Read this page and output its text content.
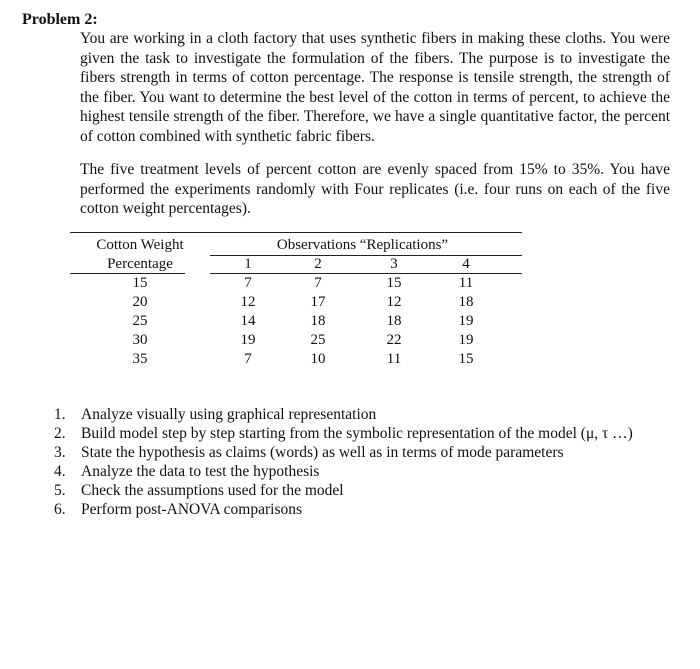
Problem 2:

You are working in a cloth factory that uses synthetic fibers in making these cloths. You were given the task to investigate the formulation of the fibers. The purpose is to investigate the fibers strength in terms of cotton percentage. The response is tensile strength, the strength of the fiber. You want to determine the best level of the cotton in terms of percent, to achieve the highest tensile strength of the fiber. Therefore, we have a single quantitative factor, the percent of cotton combined with synthetic fabric fibers.

The five treatment levels of percent cotton are evenly spaced from 15% to 35%. You have performed the experiments randomly with Four replicates (i.e. four runs on each of the five cotton weight percentages).

Cotton Weight	Observations “Replications”
Percentage	1	2	3	4
15	7	7	15	11
20	12	17	12	18
25	14	18	18	19
30	19	25	22	19
35	7	10	11	15
1. Analyze visually using graphical representation
2. Build model step by step starting from the symbolic representation of the model (μ, τ …)
3. State the hypothesis as claims (words) as well as in terms of mode parameters
4. Analyze the data to test the hypothesis
5. Check the assumptions used for the model
6. Perform post-ANOVA comparisons
